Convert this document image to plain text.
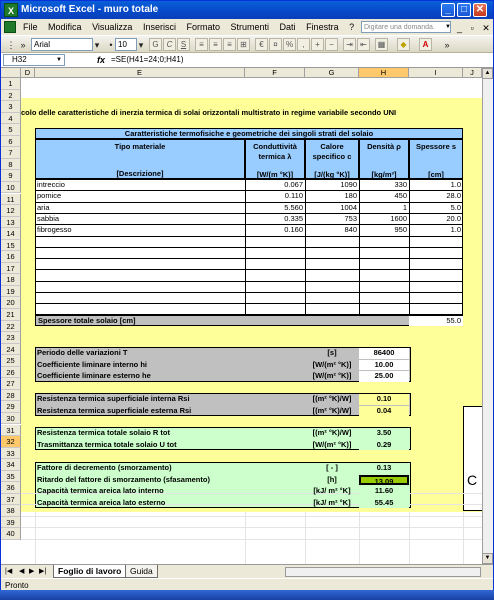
X Microsoft Excel - muro totale	_	□ ✕
File Modifica Visualizza Inserisci Formato Strumenti Dati Finestra ?	Digitare una domanda.	▼ _ ▫ ✕
⋮ »	Arial	▾	• 10	▾	G	C	S	≡	≡	≡	⊞	€	¤	%	,	+	−	⇥ ⇤	▦	◆	A	»
H32	▼	fx =SE(H41=24;0;H41)
D	E	F	G	H	I	J
colo delle caratteristiche di inerzia termica di solai orizzontali multistrato in regime variabile secondo UNI
Caratteristiche termofisiche e geometriche dei singoli strati del solaio
Tipo materiale
[Descrizione]
Conduttività termica λ
[W/(m °K)]
Calore specifico c
[J/(kg °K)]
Densità ρ
[kg/m³]
Spessore s
[cm]
Spessore totale solaio [cm]	55.0
C
1
2
3
4
5
6
7
8
9
10
11
12
13
14
15
16
17
18
19
20
21
22
23
24
25
26
27
28
29
30
31
32
33
34
35
36
37
38
39
40
intreccio	0.067	1090	330	1.0
pomice	0.110	180	450	28.0
aria	5.560	1004	1	5.0
sabbia	0.335	753	1600	20.0
fibrogesso	0.160	840	950	1.0
Periodo delle variazioni T	[s]	86400
Coefficiente liminare interno hi	[W/(m² °K)]	10.00
Coefficiente liminare esterno he	[W/(m² °K)]	25.00
Resistenza termica superficiale interna Rsi	[(m² °K)/W]	0.10
Resistenza termica superficiale esterna Rsi	[(m² °K)/W]	0.04
Resistenza termica totale solaio R tot	[(m² °K)/W]	3.50
Trasmittanza termica totale solaio U tot	[W/(m² °K)]	0.29
Fattore di decremento (smorzamento)	[ - ]	0.13
Ritardo del fattore di smorzamento (sfasamento)	[h]	13.09
Capacità termica areica lato interno	[kJ/ m² °K]	11.60
Capacità termica areica lato esterno	[kJ/ m² °K]	55.45
▲
▼
|◀ ◀ ▶ ▶|	Foglio di lavoro	Guida
Pronto
